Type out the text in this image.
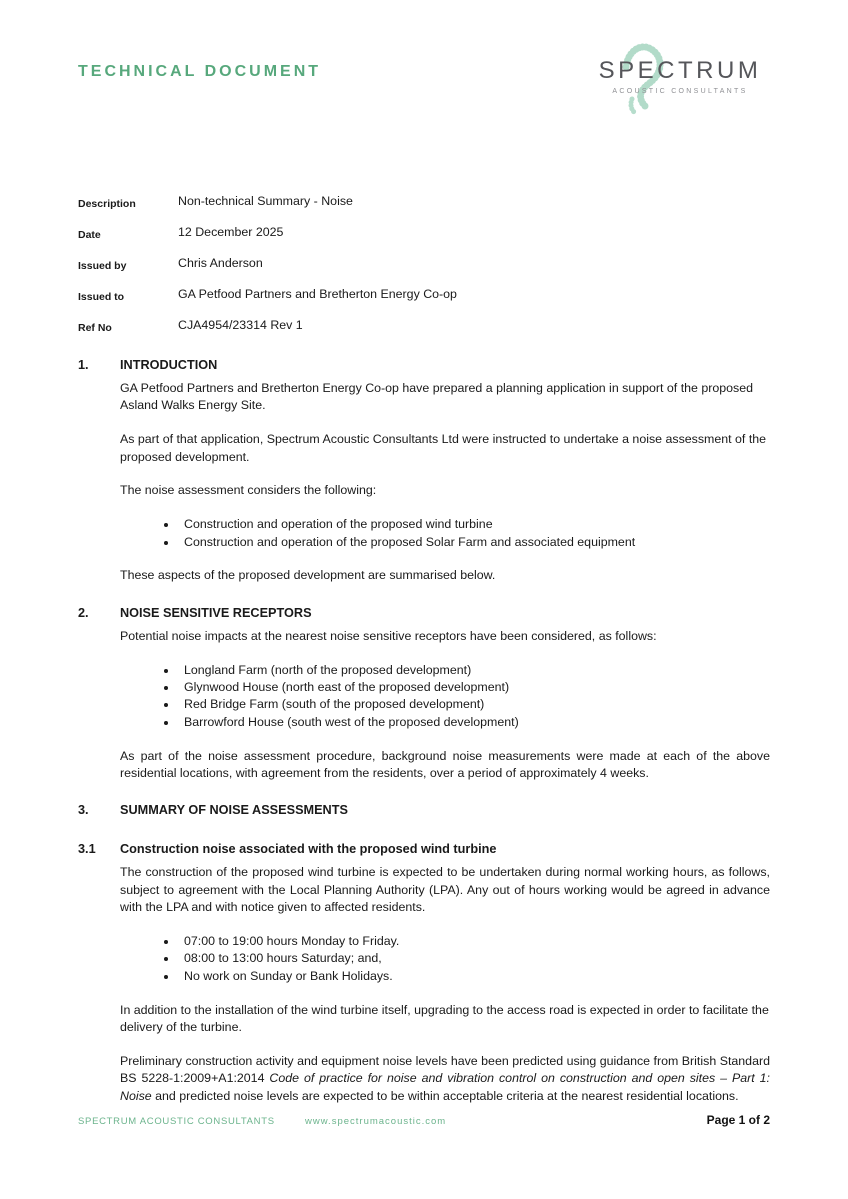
TECHNICAL DOCUMENT	SPECTRUM
ACOUSTIC CONSULTANTS
Description	Non-technical Summary - Noise
Date	12 December 2025
Issued by	Chris Anderson
Issued to	GA Petfood Partners and Bretherton Energy Co-op
Ref No	CJA4954/23314 Rev 1
1.	INTRODUCTION

GA Petfood Partners and Bretherton Energy Co-op have prepared a planning application in support of the proposed Asland Walks Energy Site.

As part of that application, Spectrum Acoustic Consultants Ltd were instructed to undertake a noise assessment of the proposed development.

The noise assessment considers the following:

• Construction and operation of the proposed wind turbine
• Construction and operation of the proposed Solar Farm and associated equipment

These aspects of the proposed development are summarised below.

2.	NOISE SENSITIVE RECEPTORS

Potential noise impacts at the nearest noise sensitive receptors have been considered, as follows:

• Longland Farm (north of the proposed development)
• Glynwood House (north east of the proposed development)
• Red Bridge Farm (south of the proposed development)
• Barrowford House (south west of the proposed development)

As part of the noise assessment procedure, background noise measurements were made at each of the above residential locations, with agreement from the residents, over a period of approximately 4 weeks.

3.	SUMMARY OF NOISE ASSESSMENTS
3.1	Construction noise associated with the proposed wind turbine

The construction of the proposed wind turbine is expected to be undertaken during normal working hours, as follows, subject to agreement with the Local Planning Authority (LPA). Any out of hours working would be agreed in advance with the LPA and with notice given to affected residents.

• 07:00 to 19:00 hours Monday to Friday.
• 08:00 to 13:00 hours Saturday; and,
• No work on Sunday or Bank Holidays.

In addition to the installation of the wind turbine itself, upgrading to the access road is expected in order to facilitate the delivery of the turbine.

Preliminary construction activity and equipment noise levels have been predicted using guidance from British Standard BS 5228-1:2009+A1:2014 Code of practice for noise and vibration control on construction and open sites – Part 1: Noise and predicted noise levels are expected to be within acceptable criteria at the nearest residential locations.

SPECTRUM ACOUSTIC CONSULTANTS	www.spectrumacoustic.com	Page 1 of 2
